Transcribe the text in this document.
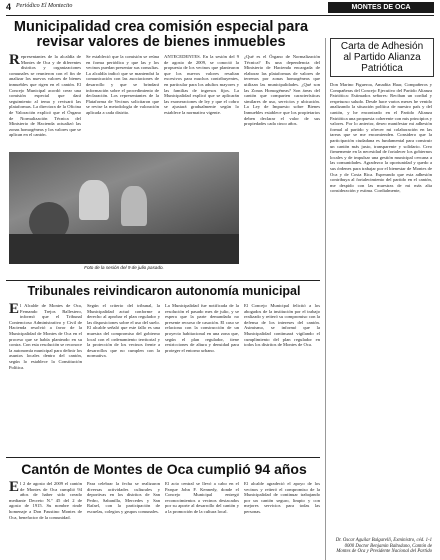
4 Periódico El Montecito	MONTES DE OCA
Municipalidad crea comisión especial para
revisar valores de bienes inmuebles
R epresentantes de la alcaldía de Montes de Oca y de diferentes distritos y organizaciones comunales se reunieron con el fin de analizar los nuevos valores de bienes inmuebles que rigen en el cantón. El Concejo Municipal acordó crear una comisión especial que dará seguimiento al tema y revisará las plataformas. La directora de la Oficina de Valoración explicó que el Órgano de Normalización Técnica del Ministerio de Hacienda actualizó las zonas homogéneas y los valores que se aplican en el cantón.
Se estableció que la comisión se reúna en forma periódica y que las y los vecinos puedan presentar sus consultas. La alcaldía indicó que se mantendrá la comunicación con las asociaciones de desarrollo y que se brindará información sobre el procedimiento de declaración. Los representantes de la Plataforma de Vecinos solicitaron que se revise la metodología de valoración aplicada a cada distrito.
ANTECEDENTES. En la sesión del 9 de agosto de 2009, se conoció la propuesta de los vecinos que plantearon que los nuevos valores resultan excesivos para muchos contribuyentes, en particular para los adultos mayores y las familias de ingresos fijos. La Municipalidad explicó que se aplicarán las exoneraciones de ley y que el cobro se ajustará gradualmente según lo establece la normativa vigente.
¿Qué es el Órgano de Normalización Técnica? Es una dependencia del Ministerio de Hacienda encargada de elaborar las plataformas de valores de terrenos por zonas homogéneas que utilizan las municipalidades. ¿Qué son las Zonas Homogéneas? Son áreas del cantón que comparten características similares de uso, servicios y ubicación. La Ley de Impuesto sobre Bienes Inmuebles establece que los propietarios deben declarar el valor de sus propiedades cada cinco años.
Foto de la sesión del 9 de julio pasado.
Carta de Adhesión
al Partido Alianza
Patriótica
Don Marino Figueroa, Amadita Haar, Compañeros y Compañeras del Concejo Ejecutivo del Partido Alianza Patriótica: Estimados señores: Reciban un cordial y respetuoso saludo. Desde hace varios meses he venido analizando la situación política de nuestro país y del cantón, y he encontrado en el Partido Alianza Patriótica una propuesta coherente con mis principios y valores. Por lo anterior, deseo manifestar mi adhesión formal al partido y ofrecer mi colaboración en las tareas que se me encomienden. Considero que la participación ciudadana es fundamental para construir un cantón más justo, transparente y solidario. Creo firmemente en la necesidad de fortalecer los gobiernos locales y de impulsar una gestión municipal cercana a las comunidades. Agradezco la oportunidad y quedo a sus órdenes para trabajar por el bienestar de Montes de Oca y de Costa Rica. Esperando que esta adhesión contribuya al fortalecimiento del partido en el cantón, me despido con las muestras de mi más alta consideración y estima. Cordialmente,
Dr. Oscar Aguilar Bulgarelli, Exministro, céd. 1-1 0000 Doctor Benjamin Baltodano, Cantón de Montes de Oca y Presidente Nacional del Partido
Tribunales reivindicaron autonomía municipal
E l Alcalde de Montes de Oca, Fernando Trejos Ballestero, informó que el Tribunal Contencioso Administrativo y Civil de Hacienda resolvió a favor de la Municipalidad de Montes de Oca en el proceso que se había planteado en su contra. Con esta resolución se reconoce la autonomía municipal para definir los asuntos locales dentro del cantón, según lo establece la Constitución Política.
Según el criterio del tribunal, la Municipalidad actuó conforme a derecho al aprobar el plan regulador y las disposiciones sobre el uso del suelo. El alcalde señaló que este fallo es una muestra del compromiso del gobierno local con el ordenamiento territorial y la protección de los vecinos frente a desarrollos que no cumplen con la normativa.
La Municipalidad fue notificada de la resolución el pasado mes de julio, y se espera que la parte demandada no presente recurso de casación. El caso se relaciona con la construcción de un proyecto habitacional en una zona que, según el plan regulador, tiene restricciones de altura y densidad para proteger el entorno urbano.
El Concejo Municipal felicitó a los abogados de la institución por el trabajo realizado y reiteró su compromiso con la defensa de los intereses del cantón. Asimismo, se informó que la Municipalidad continuará vigilando el cumplimiento del plan regulador en todos los distritos de Montes de Oca.
Cantón de Montes de Oca cumplió 94 años
E l 2 de agosto del 2009 el cantón de Montes de Oca cumplió 94 años de haber sido creado mediante Decreto N.º 45 del 2 de agosto de 1915. Su nombre rinde homenaje a Don Faustino Montes de Oca, benefactor de la comunidad.
Para celebrar la fecha se realizaron diversas actividades culturales y deportivas en los distritos de San Pedro, Sabanilla, Mercedes y San Rafael, con la participación de escuelas, colegios y grupos comunales.
El acto central se llevó a cabo en el Parque John F. Kennedy, donde el Concejo Municipal entregó reconocimientos a vecinos destacados por su aporte al desarrollo del cantón y a la promoción de la cultura local.
El alcalde agradeció el apoyo de los vecinos y reiteró el compromiso de la Municipalidad de continuar trabajando por un cantón seguro, limpio y con mejores servicios para todas las personas.
